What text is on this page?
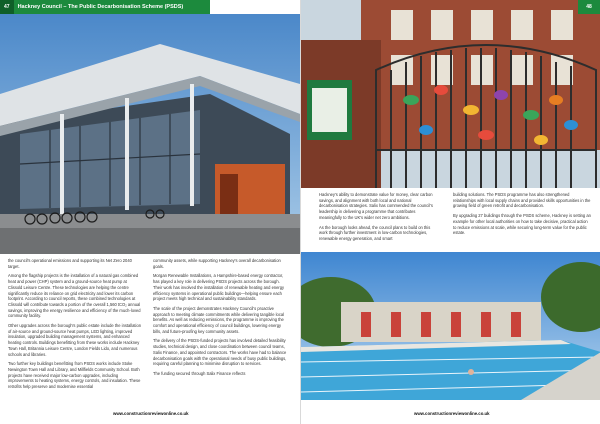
47	Hackney Council – The Public Decarbonisation Scheme (PSDS)

the council's operational emissions and supporting its Net Zero 2040 target.

Among the flagship projects is the installation of a natural gas combined heat and power (CHP) system and a ground-source heat pump at Clissold Leisure Centre. These technologies are helping the centre significantly reduce its reliance on grid electricity and lower its carbon footprint. According to council reports, these combined technologies at Clissold will contribute towards a portion of the overall 1,560 tCO₂ annual savings, improving the energy resilience and efficiency of the much-loved community facility.

Other upgrades across the borough's public estate include the installation of air-source and ground-source heat pumps, LED lighting, improved insulation, upgraded building management systems, and enhanced heating controls. Buildings benefitting from these works include Hackney Town Hall, Britannia Leisure Centre, London Fields Lido, and numerous schools and libraries.

Two further key buildings benefitting from PSDS works include Stoke Newington Town Hall and Library, and Millfields Community School. Both projects have received major low-carbon upgrades, including improvements to heating systems, energy controls, and insulation. These retrofits help preserve and modernise essential

community assets, while supporting Hackney's overall decarbonisation goals.

Morgan Renewable Installations, a Hampshire-based energy contractor, has played a key role in delivering PSDS projects across the borough. Their work has involved the installation of renewable heating and energy efficiency systems in operational public buildings—helping ensure each project meets high technical and sustainability standards.

The scale of the project demonstrates Hackney Council's proactive approach to meeting climate commitments while delivering tangible local benefits. As well as reducing emissions, the programme is improving the comfort and operational efficiency of council buildings, lowering energy bills, and future-proofing key community assets.

The delivery of the PSDS-funded projects has involved detailed feasibility studies, technical design, and close coordination between council teams, Salix Finance, and appointed contractors. The works have had to balance decarbonisation goals with the operational needs of busy public buildings, requiring careful planning to minimise disruption to services.

The funding secured through Salix Finance reflects

www.constructionreviewonline.co.uk
48

Hackney's ability to demonstrate value for money, clear carbon savings, and alignment with both local and national decarbonisation strategies. Salix has commended the council's leadership in delivering a programme that contributes meaningfully to the UK's wider net zero ambitions.

As the borough looks ahead, the council plans to build on this work through further investment in low-carbon technologies, renewable energy generation, and smart

building solutions. The PSDS programme has also strengthened relationships with local supply chains and provided skills opportunities in the growing field of green retrofit and decarbonisation.

By upgrading 27 buildings through the PSDS scheme, Hackney is setting an example for other local authorities on how to take decisive, practical action to reduce emissions at scale, while securing long-term value for the public estate.

www.constructionreviewonline.co.uk
